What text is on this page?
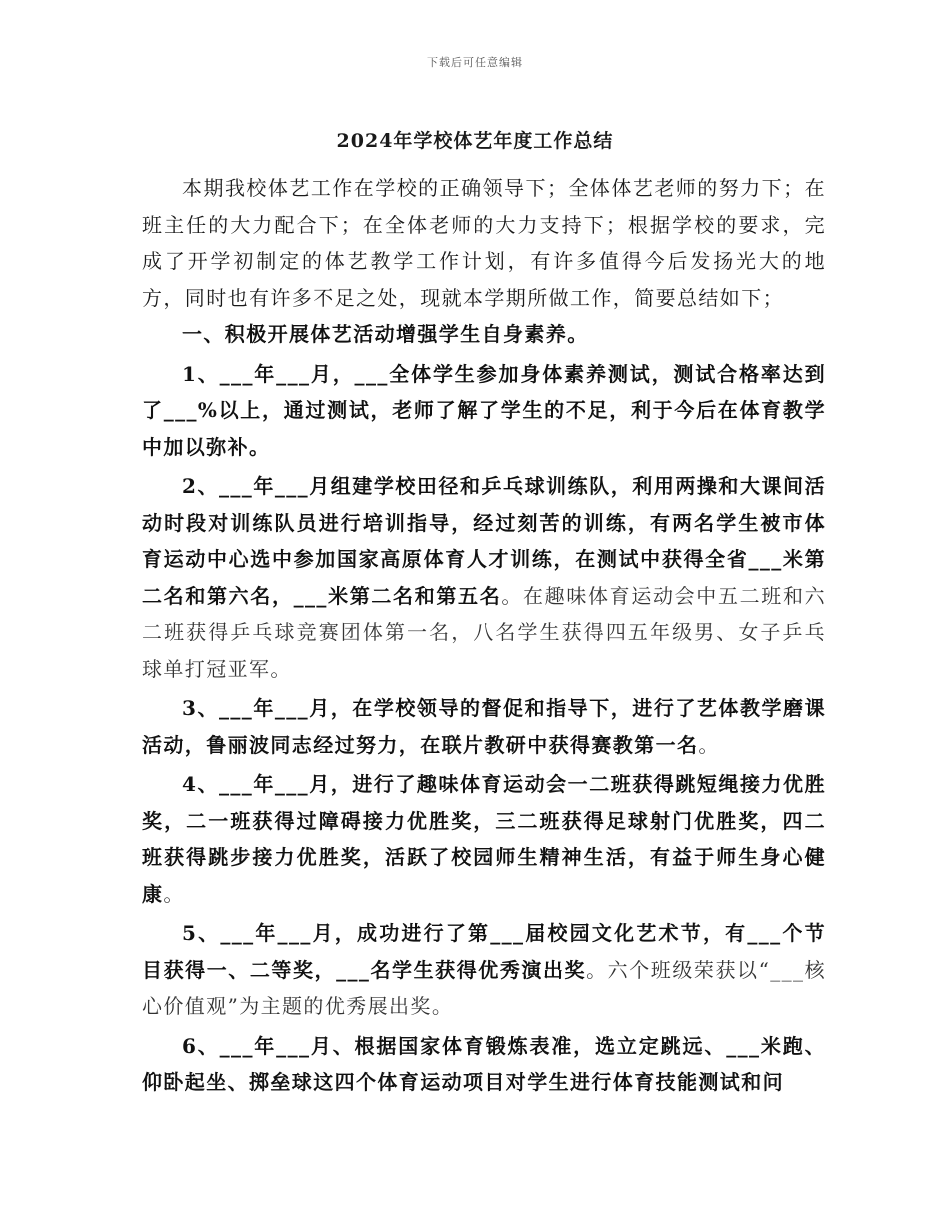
下载后可任意编辑
2024年学校体艺年度工作总结

本期我校体艺工作在学校的正确领导下；全体体艺老师的努力下；在班主任的大力配合下；在全体老师的大力支持下；根据学校的要求，完成了开学初制定的体艺教学工作计划，有许多值得今后发扬光大的地方，同时也有许多不足之处，现就本学期所做工作，简要总结如下；

一、积极开展体艺活动增强学生自身素养。

1、___年___月，___全体学生参加身体素养测试，测试合格率达到了___%以上，通过测试，老师了解了学生的不足，利于今后在体育教学中加以弥补。

2、___年___月组建学校田径和乒乓球训练队，利用两操和大课间活动时段对训练队员进行培训指导，经过刻苦的训练，有两名学生被市体育运动中心选中参加国家高原体育人才训练，在测试中获得全省___米第二名和第六名，___米第二名和第五名。在趣味体育运动会中五二班和六二班获得乒乓球竞赛团体第一名，八名学生获得四五年级男、女子乒乓球单打冠亚军。

3、___年___月，在学校领导的督促和指导下，进行了艺体教学磨课活动，鲁丽波同志经过努力，在联片教研中获得赛教第一名。

4、___年___月，进行了趣味体育运动会一二班获得跳短绳接力优胜奖，二一班获得过障碍接力优胜奖，三二班获得足球射门优胜奖，四二班获得跳步接力优胜奖，活跃了校园师生精神生活，有益于师生身心健康。

5、___年___月，成功进行了第___届校园文化艺术节，有___个节目获得一、二等奖，___名学生获得优秀演出奖。六个班级荣获以“___核心价值观”为主题的优秀展出奖。

6、___年___月、根据国家体育锻炼表准，选立定跳远、___米跑、仰卧起坐、掷垒球这四个体育运动项目对学生进行体育技能测试和问
